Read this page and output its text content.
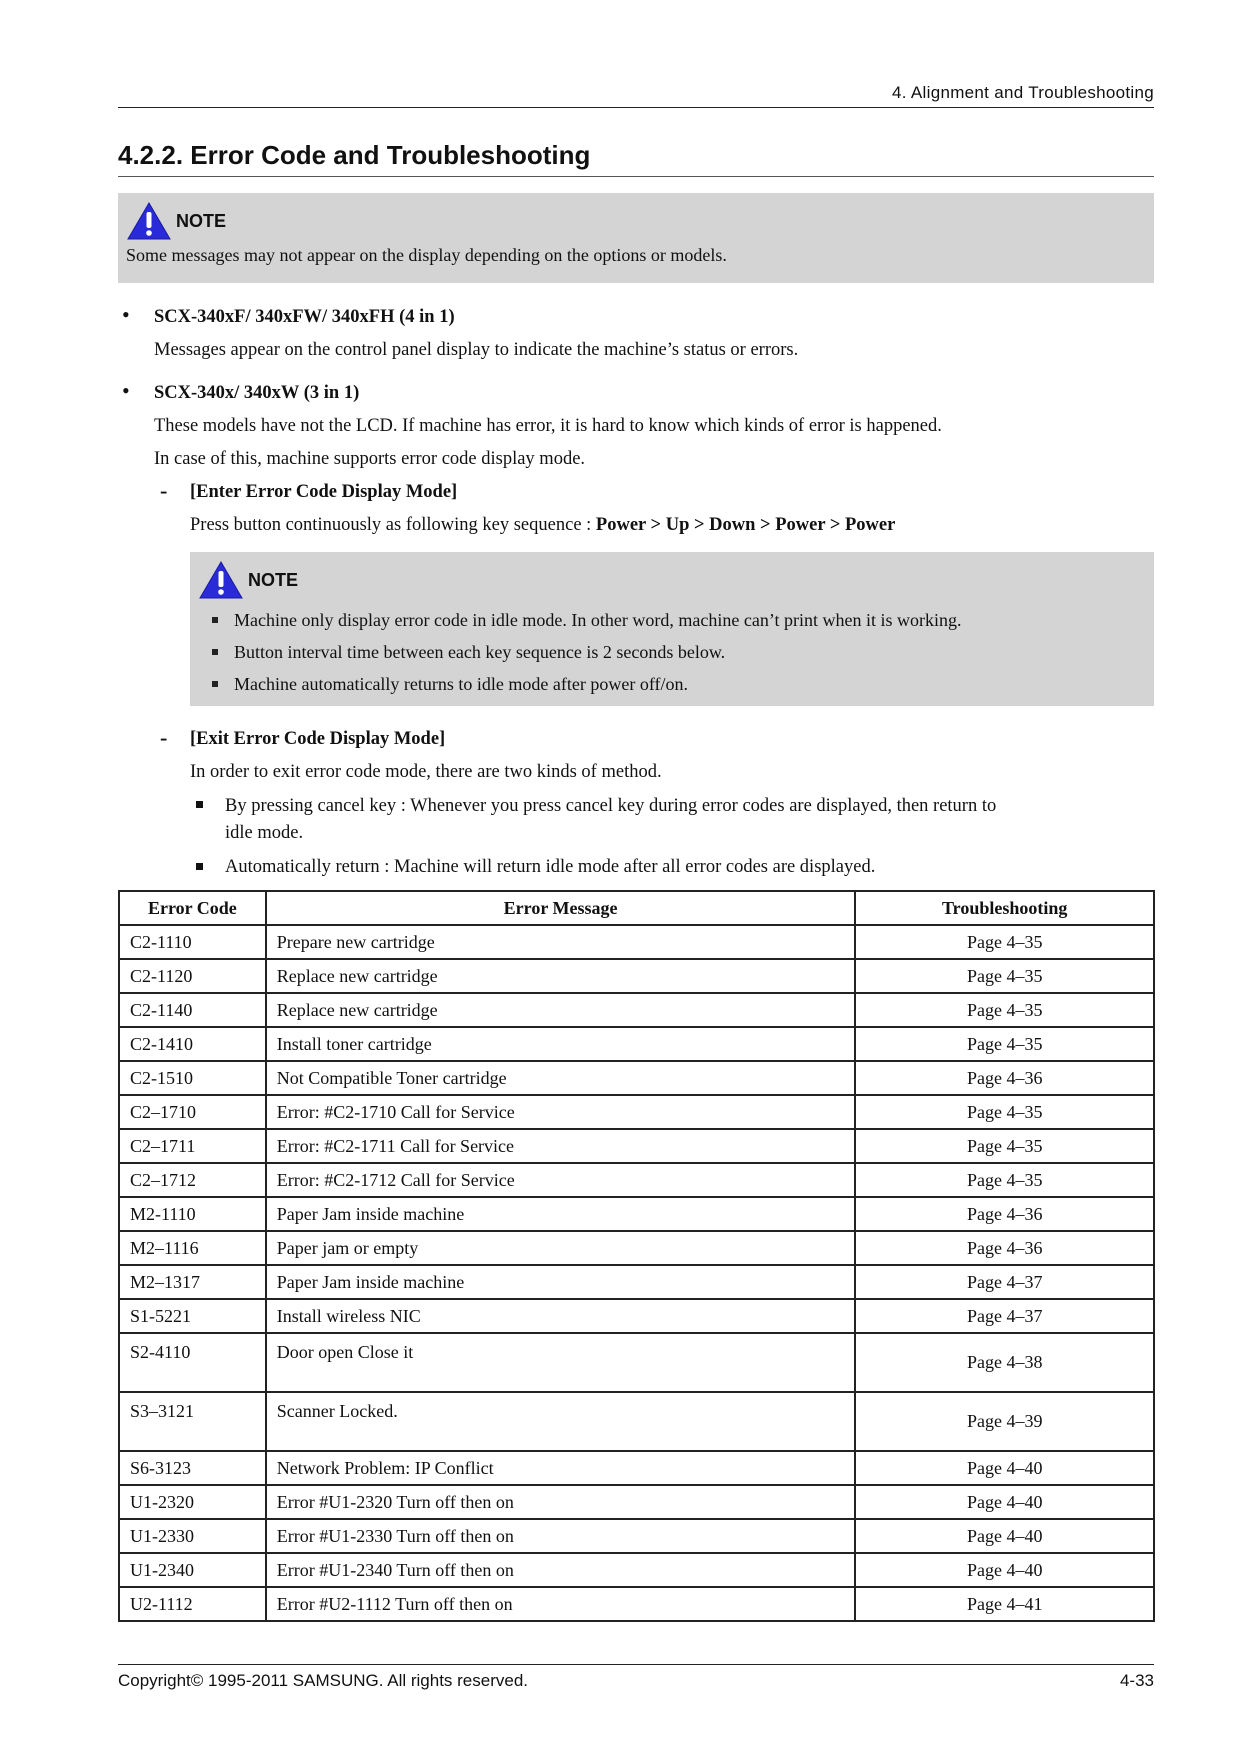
4. Alignment and Troubleshooting
4.2.2. Error Code and Troubleshooting
NOTE
Some messages may not appear on the display depending on the options or models.
• SCX-340xF/ 340xFW/ 340xFH (4 in 1)
Messages appear on the control panel display to indicate the machine’s status or errors.
• SCX-340x/ 340xW (3 in 1)
These models have not the LCD. If machine has error, it is hard to know which kinds of error is happened.
In case of this, machine supports error code display mode.
- [Enter Error Code Display Mode]
Press button continuously as following key sequence : Power > Up > Down > Power > Power
NOTE
Machine only display error code in idle mode. In other word, machine can’t print when it is working.
Button interval time between each key sequence is 2 seconds below.
Machine automatically returns to idle mode after power off/on.
- [Exit Error Code Display Mode]
In order to exit error code mode, there are two kinds of method.
By pressing cancel key : Whenever you press cancel key during error codes are displayed, then return to
idle mode.
Automatically return : Machine will return idle mode after all error codes are displayed.
Error Code	Error Message	Troubleshooting
C2-1110	Prepare new cartridge	Page 4–35
C2-1120	Replace new cartridge	Page 4–35
C2-1140	Replace new cartridge	Page 4–35
C2-1410	Install toner cartridge	Page 4–35
C2-1510	Not Compatible Toner cartridge	Page 4–36
C2–1710	Error: #C2-1710 Call for Service	Page 4–35
C2–1711	Error: #C2-1711 Call for Service	Page 4–35
C2–1712	Error: #C2-1712 Call for Service	Page 4–35
M2-1110	Paper Jam inside machine	Page 4–36
M2–1116	Paper jam or empty	Page 4–36
M2–1317	Paper Jam inside machine	Page 4–37
S1-5221	Install wireless NIC	Page 4–37
S2-4110	Door open Close it	Page 4–38
S3–3121	Scanner Locked.	Page 4–39
S6-3123	Network Problem: IP Conflict	Page 4–40
U1-2320	Error #U1-2320 Turn off then on	Page 4–40
U1-2330	Error #U1-2330 Turn off then on	Page 4–40
U1-2340	Error #U1-2340 Turn off then on	Page 4–40
U2-1112	Error #U2-1112 Turn off then on	Page 4–41
Copyright© 1995-2011 SAMSUNG. All rights reserved.	4-33
